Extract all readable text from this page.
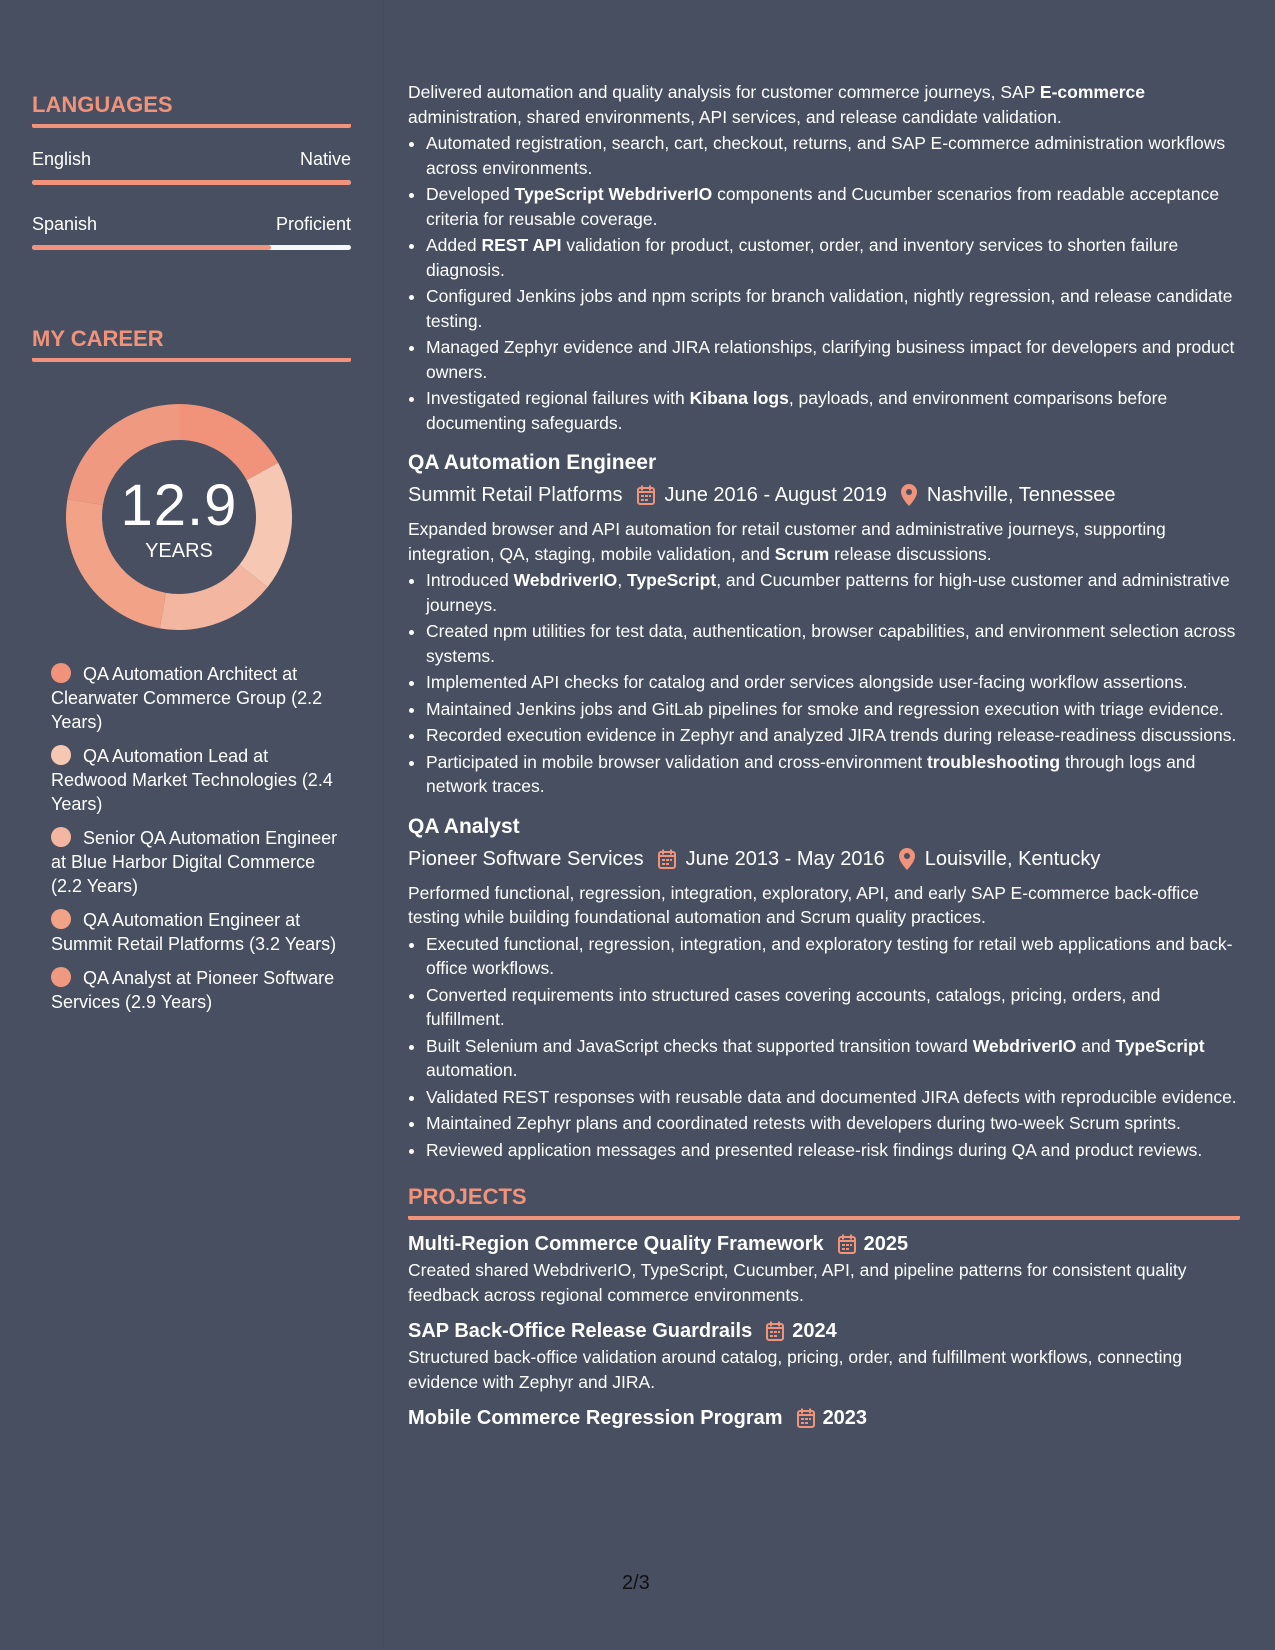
LANGUAGES
English	Native
Spanish	Proficient
MY CAREER
12.9
YEARS
QA Automation Architect at Clearwater Commerce Group (2.2 Years)
QA Automation Lead at Redwood Market Technologies (2.4 Years)
Senior QA Automation Engineer at Blue Harbor Digital Commerce (2.2 Years)
QA Automation Engineer at Summit Retail Platforms (3.2 Years)
QA Analyst at Pioneer Software Services (2.9 Years)

Delivered automation and quality analysis for customer commerce journeys, SAP E-commerce administration, shared environments, API services, and release candidate validation.

• Automated registration, search, cart, checkout, returns, and SAP E-commerce administration workflows across environments.
• Developed TypeScript WebdriverIO components and Cucumber scenarios from readable acceptance criteria for reusable coverage.
• Added REST API validation for product, customer, order, and inventory services to shorten failure diagnosis.
• Configured Jenkins jobs and npm scripts for branch validation, nightly regression, and release candidate testing.
• Managed Zephyr evidence and JIRA relationships, clarifying business impact for developers and product owners.
• Investigated regional failures with Kibana logs, payloads, and environment comparisons before documenting safeguards.
QA Automation Engineer
Summit Retail Platforms June 2016 - August 2019 Nashville, Tennessee

Expanded browser and API automation for retail customer and administrative journeys, supporting integration, QA, staging, mobile validation, and Scrum release discussions.

• Introduced WebdriverIO, TypeScript, and Cucumber patterns for high-use customer and administrative journeys.
• Created npm utilities for test data, authentication, browser capabilities, and environment selection across systems.
• Implemented API checks for catalog and order services alongside user-facing workflow assertions.
• Maintained Jenkins jobs and GitLab pipelines for smoke and regression execution with triage evidence.
• Recorded execution evidence in Zephyr and analyzed JIRA trends during release-readiness discussions.
• Participated in mobile browser validation and cross-environment troubleshooting through logs and network traces.
QA Analyst
Pioneer Software Services June 2013 - May 2016 Louisville, Kentucky

Performed functional, regression, integration, exploratory, API, and early SAP E-commerce back-office testing while building foundational automation and Scrum quality practices.

• Executed functional, regression, integration, and exploratory testing for retail web applications and back-office workflows.
• Converted requirements into structured cases covering accounts, catalogs, pricing, orders, and fulfillment.
• Built Selenium and JavaScript checks that supported transition toward WebdriverIO and TypeScript automation.
• Validated REST responses with reusable data and documented JIRA defects with reproducible evidence.
• Maintained Zephyr plans and coordinated retests with developers during two-week Scrum sprints.
• Reviewed application messages and presented release-risk findings during QA and product reviews.
PROJECTS
Multi-Region Commerce Quality Framework 2025

Created shared WebdriverIO, TypeScript, Cucumber, API, and pipeline patterns for consistent quality feedback across regional commerce environments.

SAP Back-Office Release Guardrails 2024

Structured back-office validation around catalog, pricing, order, and fulfillment workflows, connecting evidence with Zephyr and JIRA.

Mobile Commerce Regression Program 2023
2/3
